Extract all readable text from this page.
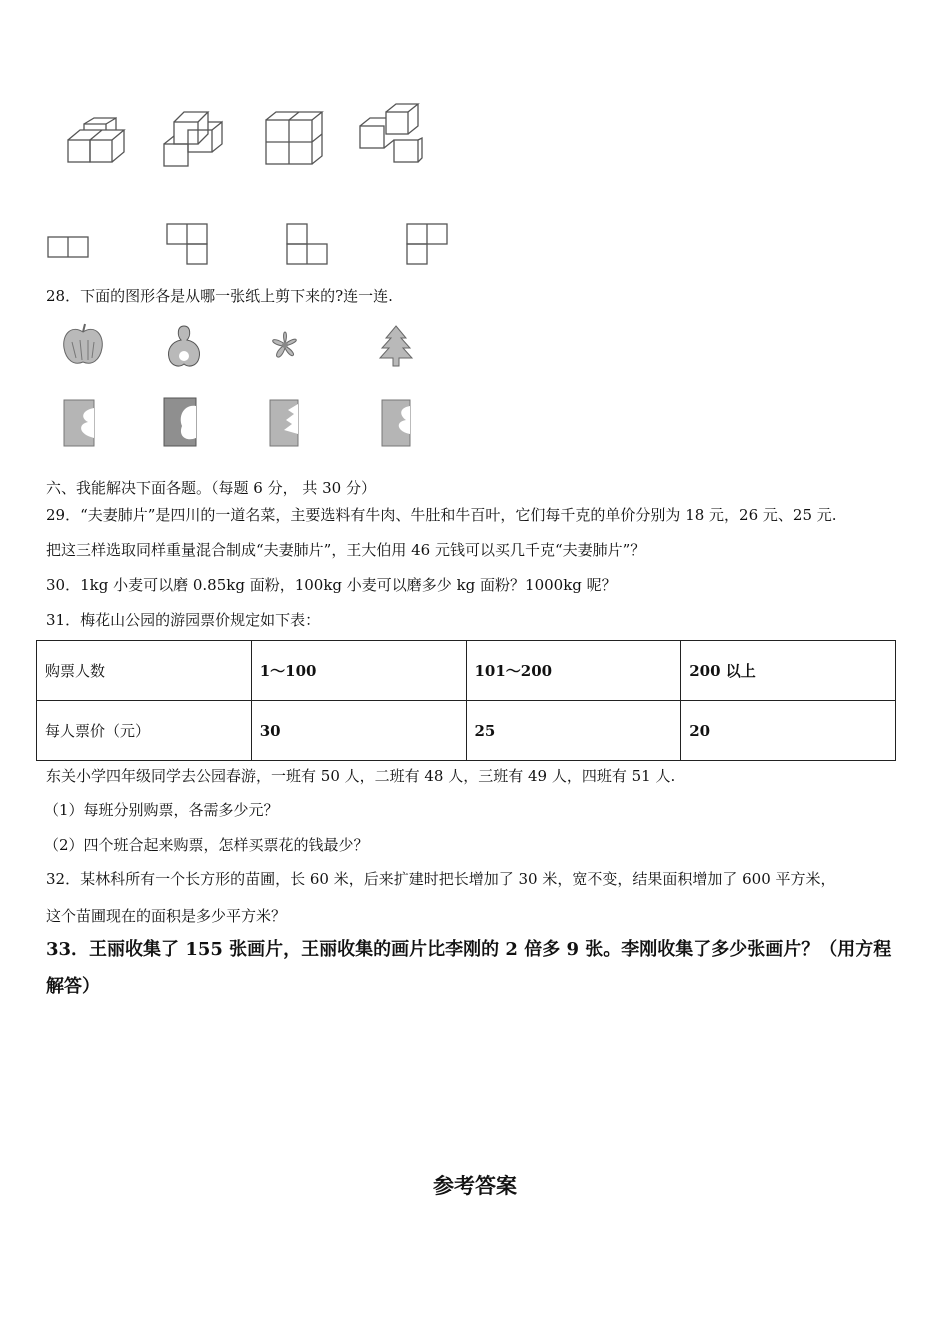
28．下面的图形各是从哪一张纸上剪下来的?连一连.
六、我能解决下面各题。（每题 6 分， 共 30 分）
29．“夫妻肺片”是四川的一道名菜，主要选料有牛肉、牛肚和牛百叶，它们每千克的单价分别为 18 元，26 元、25 元.
把这三样选取同样重量混合制成“夫妻肺片”，王大伯用 46 元钱可以买几千克“夫妻肺片”？
30．1kg 小麦可以磨 0.85kg 面粉，100kg 小麦可以磨多少 kg 面粉？1000kg 呢？
31．梅花山公园的游园票价规定如下表：
购票人数	1～100	101～200	200 以上
每人票价（元）	30	25	20
东关小学四年级同学去公园春游，一班有 50 人，二班有 48 人，三班有 49 人，四班有 51 人.
（1）每班分别购票，各需多少元？
（2）四个班合起来购票，怎样买票花的钱最少？
32．某林科所有一个长方形的苗圃，长 60 米，后来扩建时把长增加了 30 米，宽不变，结果面积增加了 600 平方米，
这个苗圃现在的面积是多少平方米？
33．王丽收集了 155 张画片，王丽收集的画片比李刚的 2 倍多 9 张。李刚收集了多少张画片？（用方程
解答）
参考答案
